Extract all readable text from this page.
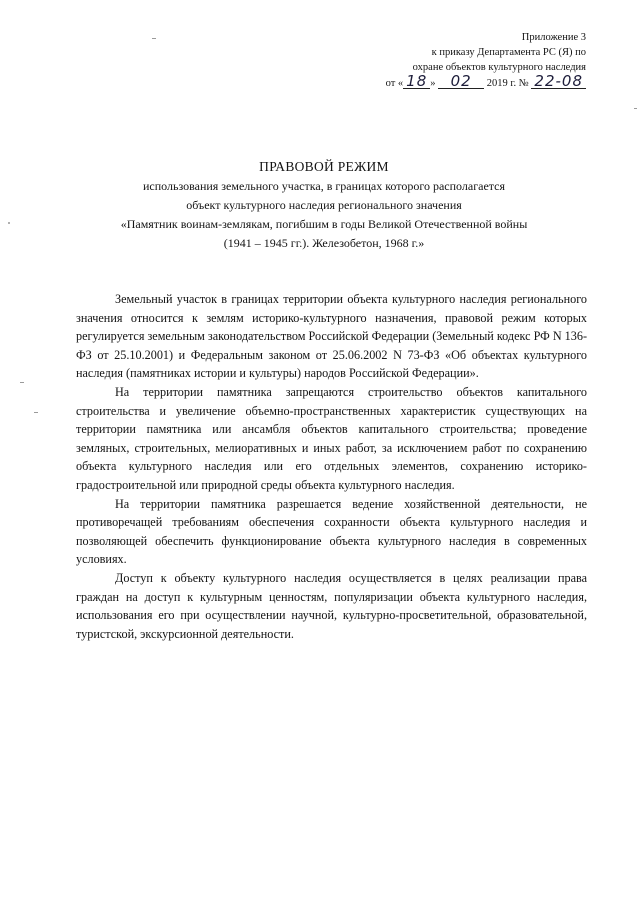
Приложение 3
к приказу Департамента РС (Я) по
охране объектов культурного наследия
от « 18 » 02 2019 г. № 22-08
ПРАВОВОЙ РЕЖИМ
использования земельного участка, в границах которого располагается
объект культурного наследия регионального значения
«Памятник воинам-землякам, погибшим в годы Великой Отечественной войны
(1941 – 1945 гг.). Железобетон, 1968 г.»

Земельный участок в границах территории объекта культурного наследия регионального значения относится к землям историко-культурного назначения, правовой режим которых регулируется земельным законодательством Российской Федерации (Земельный кодекс РФ N 136-ФЗ от 25.10.2001) и Федеральным законом от 25.06.2002 N 73-ФЗ «Об объектах культурного наследия (памятниках истории и культуры) народов Российской Федерации».

На территории памятника запрещаются строительство объектов капитального строительства и увеличение объемно-пространственных характеристик существующих на территории памятника или ансамбля объектов капитального строительства; проведение земляных, строительных, мелиоративных и иных работ, за исключением работ по сохранению объекта культурного наследия или его отдельных элементов, сохранению историко-градостроительной или природной среды объекта культурного наследия.

На территории памятника разрешается ведение хозяйственной деятельности, не противоречащей требованиям обеспечения сохранности объекта культурного наследия и позволяющей обеспечить функционирование объекта культурного наследия в современных условиях.

Доступ к объекту культурного наследия осуществляется в целях реализации права граждан на доступ к культурным ценностям, популяризации объекта культурного наследия, использования его при осуществлении научной, культурно-просветительной, образовательной, туристской, экскурсионной деятельности.
